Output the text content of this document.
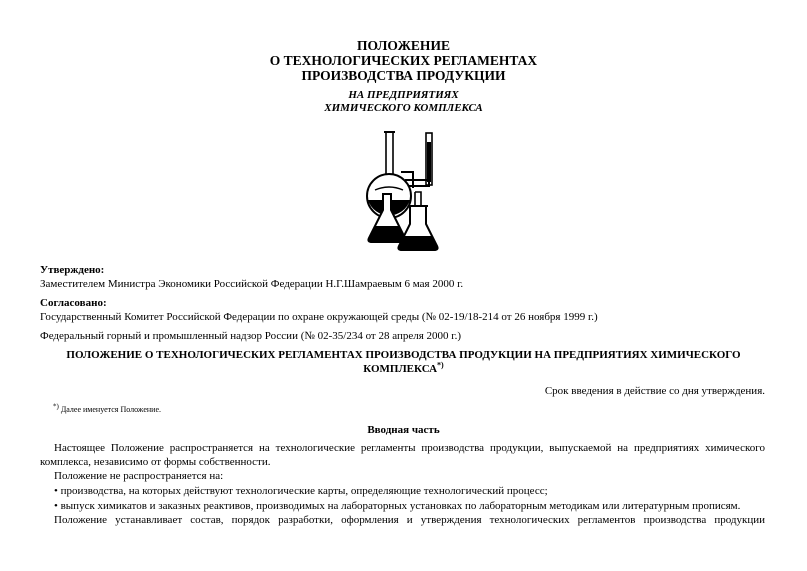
ПОЛОЖЕНИЕ
О ТЕХНОЛОГИЧЕСКИХ РЕГЛАМЕНТАХ
ПРОИЗВОДСТВА ПРОДУКЦИИ
НА ПРЕДПРИЯТИЯХ
ХИМИЧЕСКОГО КОМПЛЕКСА
Утверждено:
Заместителем Министра Экономики Российской Федерации Н.Г.Шамраевым 6 мая 2000 г.
Согласовано:
Государственный Комитет Российской Федерации по охране окружающей среды (№ 02-19/18-214 от 26 ноября 1999 г.)
Федеральный горный и промышленный надзор России (№ 02-35/234 от 28 апреля 2000 г.)
ПОЛОЖЕНИЕ О ТЕХНОЛОГИЧЕСКИХ РЕГЛАМЕНТАХ ПРОИЗВОДСТВА ПРОДУКЦИИ НА ПРЕДПРИЯТИЯХ ХИМИЧЕСКОГО
КОМПЛЕКСА*)
Срок введения в действие со дня утверждения.
*) Далее именуется Положение.
Вводная часть
Настоящее Положение распространяется на технологические регламенты производства продукции, выпускаемой на предприятиях химического
комплекса, независимо от формы собственности.
Положение не распространяется на:
• производства, на которых действуют технологические карты, определяющие технологический процесс;
• выпуск химикатов и заказных реактивов, производимых на лабораторных установках по лабораторным методикам или литературным прописям.
Положение устанавливает состав, порядок разработки, оформления и утверждения технологических регламентов производства продукции
